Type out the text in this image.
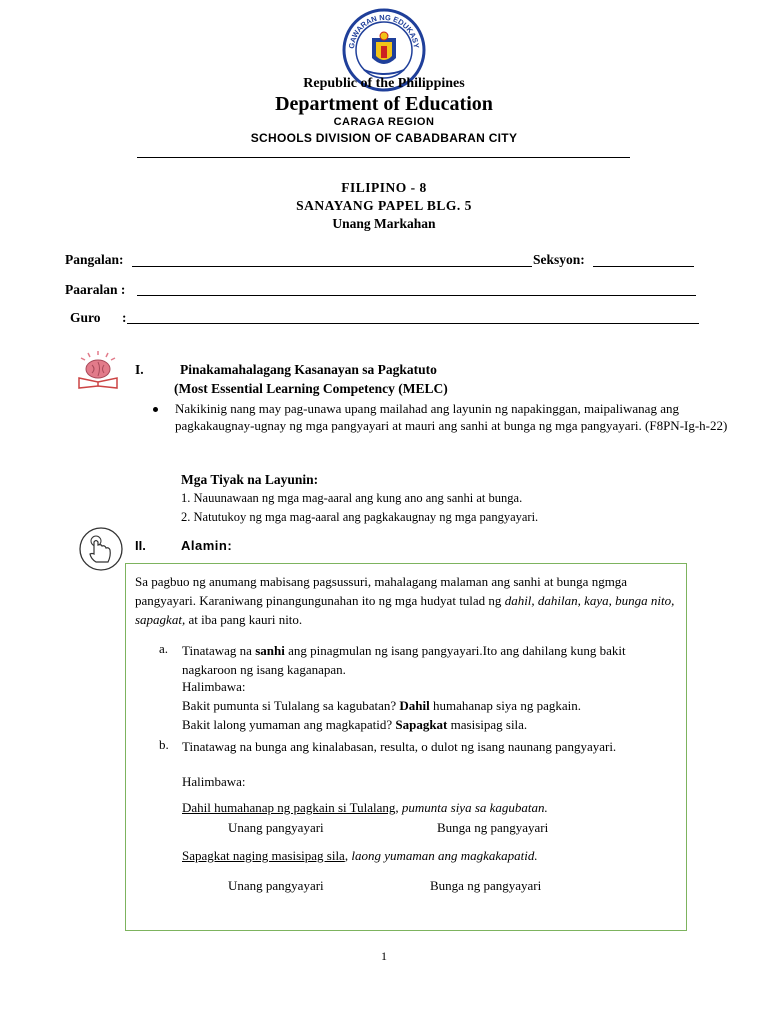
GAWARAN NG EDUKASY
Republic of the Philippines
Department of Education
CARAGA REGION
SCHOOLS DIVISION OF CABADBARAN CITY
FILIPINO - 8
SANAYANG PAPEL BLG. 5
Unang Markahan
Pangalan:	Seksyon:
Paaralan :
Guro :
I.	Pinakamahalagang Kasanayan sa Pagkatuto
(Most Essential Learning Competency (MELC)
Nakikinig nang may pag-unawa upang mailahad ang layunin ng napakinggan, maipaliwanag ang pagkakaugnay-ugnay ng mga pangyayari at mauri ang sanhi at bunga ng mga pangyayari. (F8PN-Ig-h-22)
Mga Tiyak na Layunin:
1. Nauunawaan ng mga mag-aaral ang kung ano ang sanhi at bunga.
2. Natutukoy ng mga mag-aaral ang pagkakaugnay ng mga pangyayari.
II.	Alamin:
Sa pagbuo ng anumang mabisang pagsussuri, mahalagang malaman ang sanhi at bunga ngmga pangyayari. Karaniwang pinangungunahan ito ng mga hudyat tulad ng dahil, dahilan, kaya, bunga nito, sapagkat, at iba pang kauri nito.
a. Tinatawag na sanhi ang pinagmulan ng isang pangyayari.Ito ang dahilang kung bakit nagkaroon ng isang kaganapan.
Halimbawa:
Bakit pumunta si Tulalang sa kagubatan? Dahil humahanap siya ng pagkain.
Bakit lalong yumaman ang magkapatid? Sapagkat masisipag sila.
b. Tinatawag na bunga ang kinalabasan, resulta, o dulot ng isang naunang pangyayari.
Halimbawa:
Dahil humahanap ng pagkain si Tulalang, pumunta siya sa kagubatan.
Unang pangyayari	Bunga ng pangyayari
Sapagkat naging masisipag sila, laong yumaman ang magkakapatid.
Unang pangyayari	Bunga ng pangyayari
1
